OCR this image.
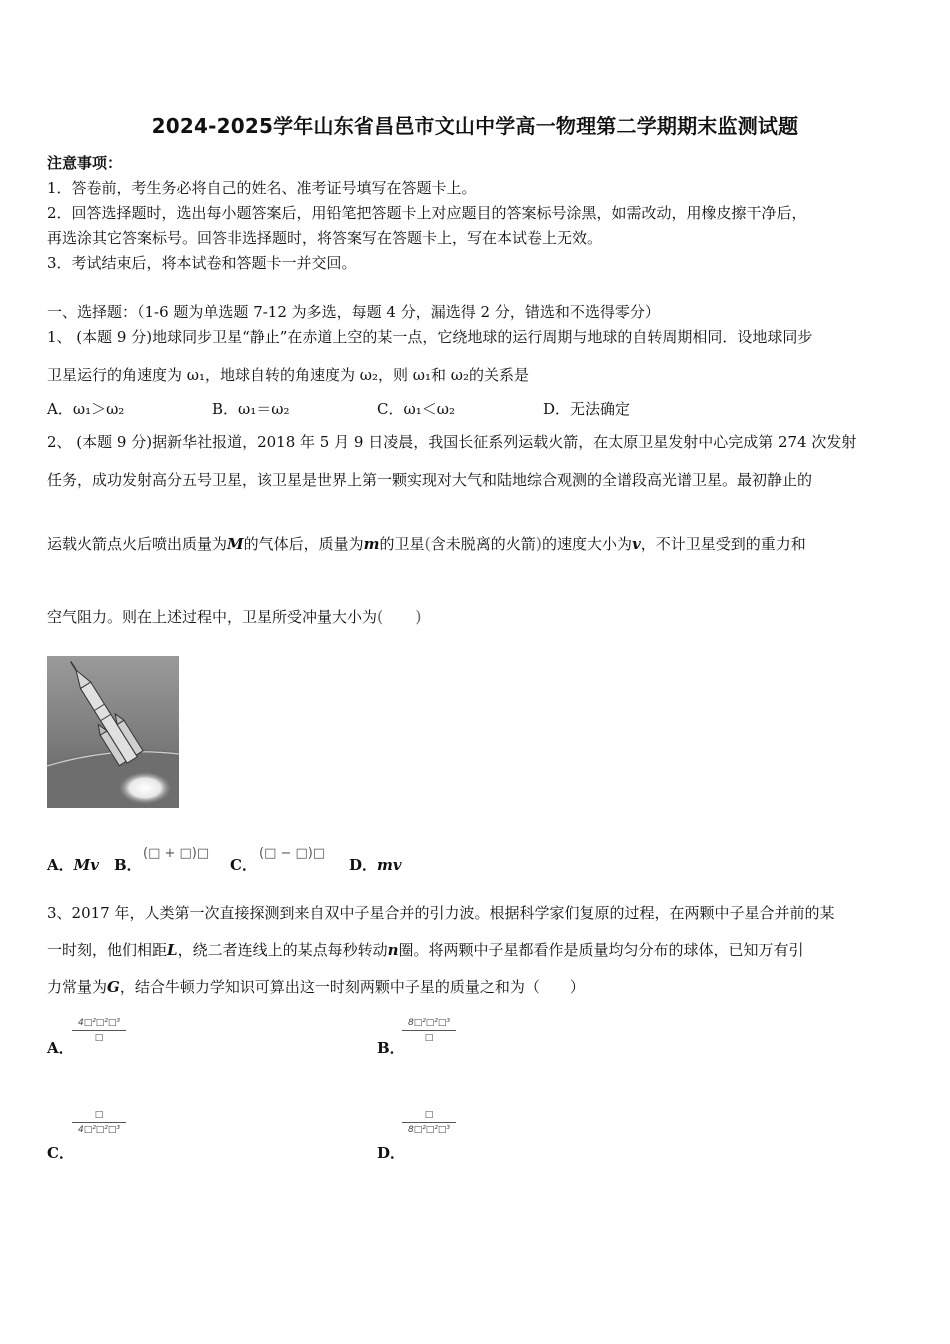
2024-2025学年山东省昌邑市文山中学高一物理第二学期期末监测试题
注意事项：
1．答卷前，考生务必将自己的姓名、准考证号填写在答题卡上。
2．回答选择题时，选出每小题答案后，用铅笔把答题卡上对应题目的答案标号涂黑，如需改动，用橡皮擦干净后，
再选涂其它答案标号。回答非选择题时，将答案写在答题卡上，写在本试卷上无效。
3．考试结束后，将本试卷和答题卡一并交回。
一、选择题：（1-6 题为单选题 7-12 为多选，每题 4 分，漏选得 2 分，错选和不选得零分）
1、 (本题 9 分)地球同步卫星“静止”在赤道上空的某一点，它绕地球的运行周期与地球的自转周期相同．设地球同步
卫星运行的角速度为 ω₁，地球自转的角速度为 ω₂，则 ω₁和 ω₂的关系是
A．ω₁＞ω₂	B．ω₁＝ω₂	C．ω₁＜ω₂	D．无法确定
2、 (本题 9 分)据新华社报道，2018 年 5 月 9 日凌晨，我国长征系列运载火箭，在太原卫星发射中心完成第 274 次发射
任务，成功发射高分五号卫星，该卫星是世界上第一颗实现对大气和陆地综合观测的全谱段高光谱卫星。最初静止的
运载火箭点火后喷出质量为M的气体后，质量为m的卫星(含未脱离的火箭)的速度大小为v，不计卫星受到的重力和
空气阻力。则在上述过程中，卫星所受冲量大小为(  )
A．Mv B．
(□ + □)□
C．
(□ − □)□
D．mv
3、2017 年，人类第一次直接探测到来自双中子星合并的引力波。根据科学家们复原的过程，在两颗中子星合并前的某
一时刻，他们相距L，绕二者连线上的某点每秒转动n圈。将两颗中子星都看作是质量均匀分布的球体，已知万有引
力常量为G，结合牛顿力学知识可算出这一时刻两颗中子星的质量之和为（　　）
A．
4□²□²□³
□
B．
8□²□²□³
□
C．
□
4□²□²□³
D．
□
8□²□²□³
